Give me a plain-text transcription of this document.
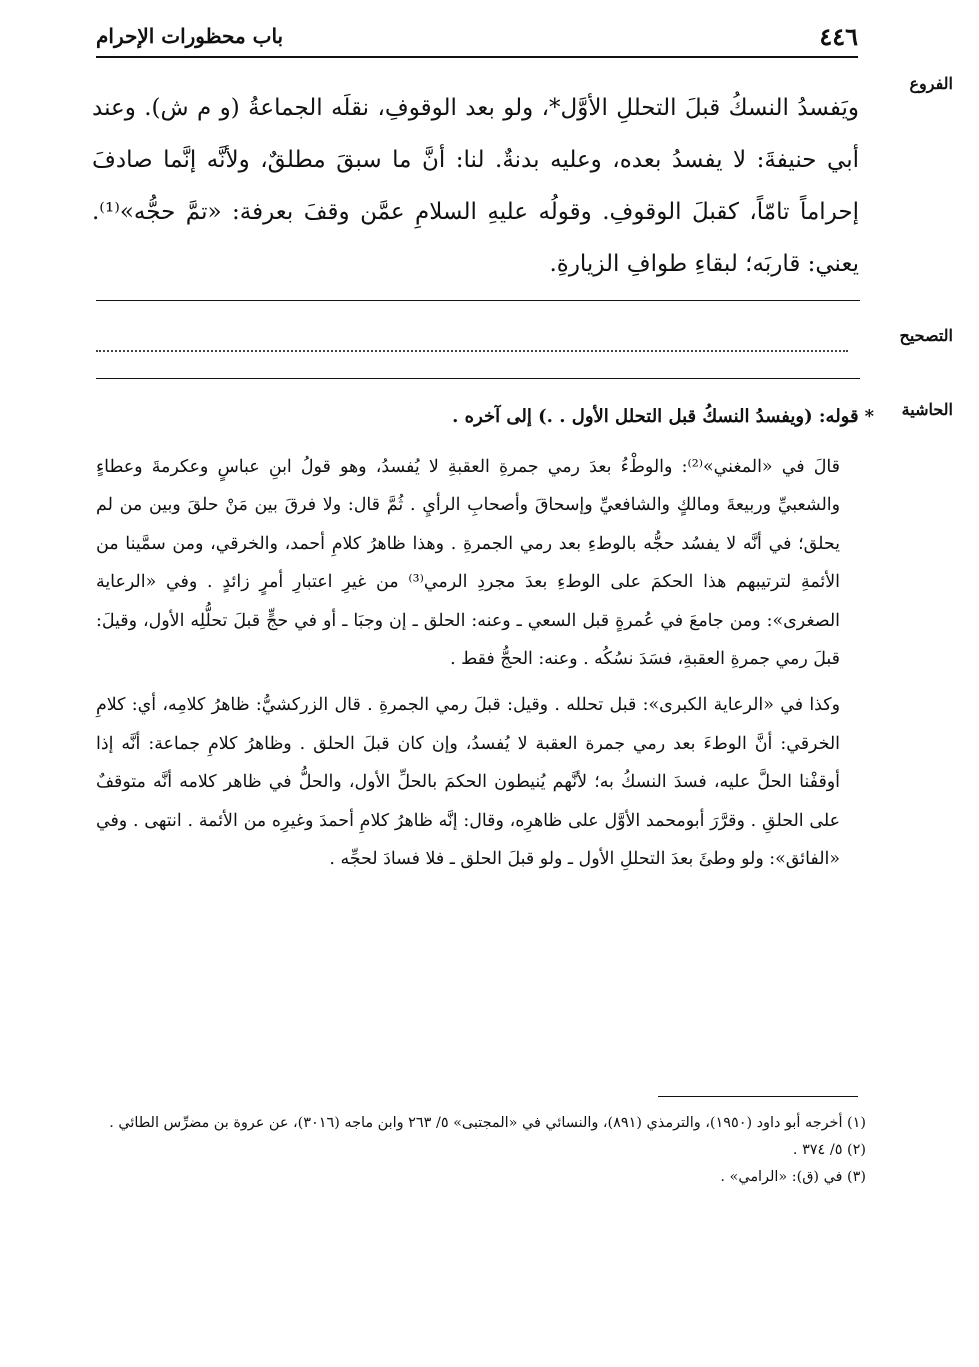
٤٤٦
باب محظورات الإحرام
الفروع

ويَفسدُ النسكُ قبلَ التحللِ الأوَّل*، ولو بعد الوقوفِ، نقلَه الجماعةُ (و م ش). وعند أبي حنيفةَ: لا يفسدُ بعده، وعليه بدنةٌ. لنا: أنَّ ما سبقَ مطلقٌ، ولأنَّه إنَّما صادفَ إحراماً تامّاً، كقبلَ الوقوفِ. وقولُه عليهِ السلامِ عمَّن وقفَ بعرفة: «تمَّ حجُّه»⁽¹⁾. يعني: قاربَه؛ لبقاءِ طوافِ الزيارةِ.

التصحيح
الحاشية
*قوله: (ويفسدُ النسكُ قبل التحلل الأول . .) إلى آخره .

قالَ في «المغني»⁽²⁾: والوطْءُ بعدَ رمي جمرةِ العقبةِ لا يُفسدُ، وهو قولُ ابنِ عباسٍ وعكرمةَ وعطاءٍ والشعبيِّ وربيعةَ ومالكٍ والشافعيِّ وإسحاقَ وأصحابِ الرأيِ . ثُمَّ قال: ولا فرقَ بين مَنْ حلقَ وبين من لم يحلق؛ في أنَّه لا يفسُد حجُّه بالوطءِ بعد رمي الجمرةِ . وهذا ظاهرُ كلامِ أحمد، والخرقي، ومن سمَّينا من الأئمةِ لترتيبهم هذا الحكمَ على الوطءِ بعدَ مجردِ الرمي⁽³⁾ من غيرِ اعتبارِ أمرٍ زائدٍ . وفي «الرعاية الصغرى»: ومن جامعَ في عُمرةٍ قبل السعي ـ وعنه: الحلق ـ إن وجبَا ـ أو في حجٍّ قبلَ تحلُّلِه الأول، وقيلَ: قبلَ رمي جمرةِ العقبةِ، فسَدَ نسُكُه . وعنه: الحجُّ فقط .

وكذا في «الرعاية الكبرى»: قبل تحلله . وقيل: قبلَ رمي الجمرةِ . قال الزركشيُّ: ظاهرُ كلامِه، أي: كلامِ الخرقي: أنَّ الوطءَ بعد رمي جمرة العقبة لا يُفسدُ، وإن كان قبلَ الحلق . وظاهرُ كلامِ جماعة: أنَّه إذا أوقفْنا الحلَّ عليه، فسدَ النسكُ به؛ لأنَّهم يُنيطون الحكمَ بالحلِّ الأول، والحلُّ في ظاهر كلامه أنَّه متوقفٌ على الحلقِ . وقرَّرَ أبومحمد الأوَّل على ظاهرِه، وقال: إنَّه ظاهرُ كلامِ أحمدَ وغيرِه من الأئمة . انتهى . وفي «الفائق»: ولو وطئَ بعدَ التحللِ الأول ـ ولو قبلَ الحلق ـ فلا فسادَ لحجِّه .

(١) أخرجه أبو داود (١٩٥٠)، والترمذي (٨٩١)، والنسائي في «المجتبى» ٥/ ٢٦٣ وابن ماجه (٣٠١٦)، عن عروة بن مضرِّس الطائي .
(٢) ٥/ ٣٧٤ .
(٣) في (ق): «الرامي» .
